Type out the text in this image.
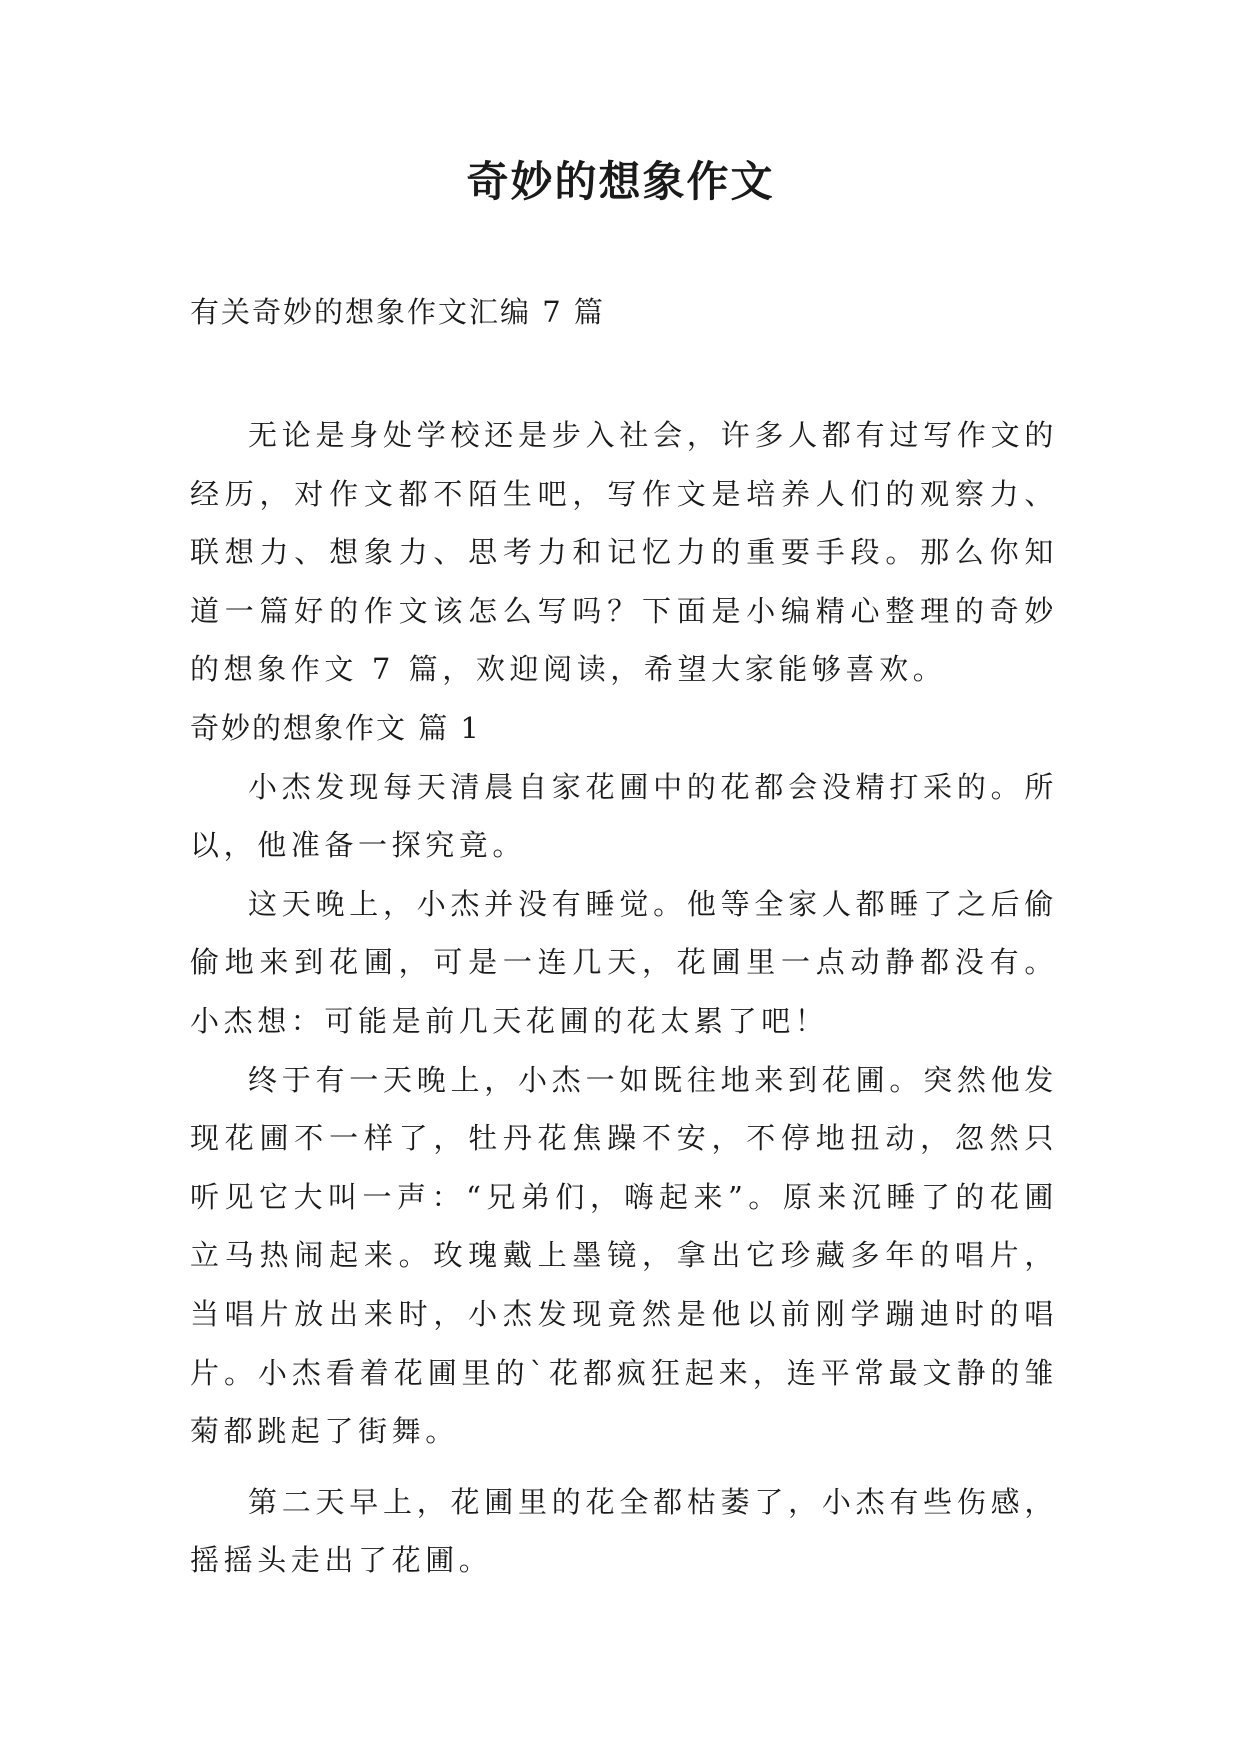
奇妙的想象作文
有关奇妙的想象作文汇编 7 篇

无论是身处学校还是步入社会，许多人都有过写作文的经历，对作文都不陌生吧，写作文是培养人们的观察力、联想力、想象力、思考力和记忆力的重要手段。那么你知道一篇好的作文该怎么写吗？下面是小编精心整理的奇妙的想象作文 7 篇，欢迎阅读，希望大家能够喜欢。

奇妙的想象作文 篇 1

小杰发现每天清晨自家花圃中的花都会没精打采的。所以，他准备一探究竟。

这天晚上，小杰并没有睡觉。他等全家人都睡了之后偷偷地来到花圃，可是一连几天，花圃里一点动静都没有。小杰想：可能是前几天花圃的花太累了吧！

终于有一天晚上，小杰一如既往地来到花圃。突然他发现花圃不一样了，牡丹花焦躁不安，不停地扭动，忽然只听见它大叫一声：“兄弟们，嗨起来”。原来沉睡了的花圃立马热闹起来。玫瑰戴上墨镜，拿出它珍藏多年的唱片，当唱片放出来时，小杰发现竟然是他以前刚学蹦迪时的唱片。小杰看着花圃里的`花都疯狂起来，连平常最文静的雏菊都跳起了街舞。

第二天早上，花圃里的花全都枯萎了，小杰有些伤感，摇摇头走出了花圃。
